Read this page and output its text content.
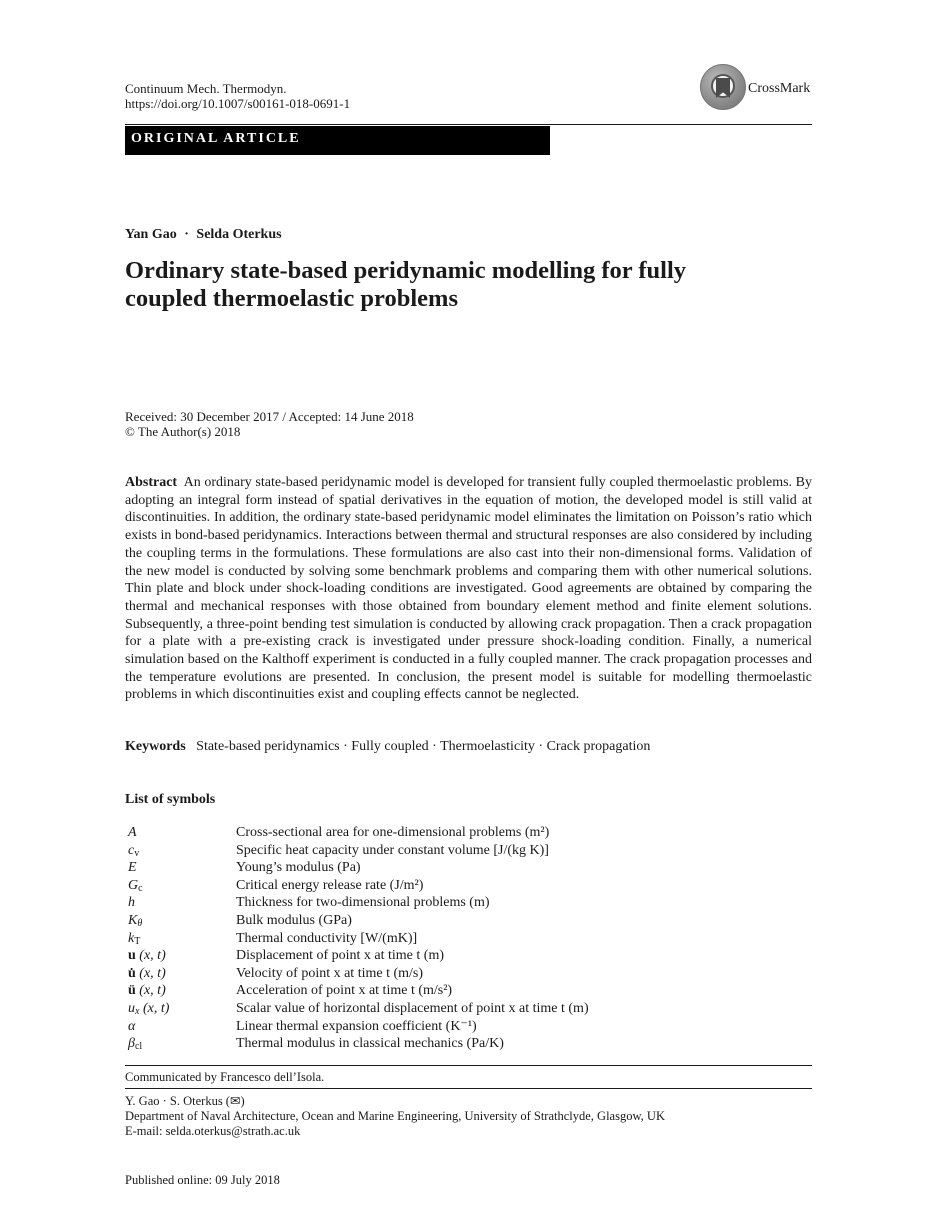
Continuum Mech. Thermodyn.
https://doi.org/10.1007/s00161-018-0691-1
CrossMark
ORIGINAL ARTICLE
Yan Gao · Selda Oterkus
Ordinary state-based peridynamic modelling for fully
coupled thermoelastic problems
Received: 30 December 2017 / Accepted: 14 June 2018
© The Author(s) 2018

Abstract An ordinary state-based peridynamic model is developed for transient fully coupled thermoelastic problems. By adopting an integral form instead of spatial derivatives in the equation of motion, the developed model is still valid at discontinuities. In addition, the ordinary state-based peridynamic model eliminates the limitation on Poisson’s ratio which exists in bond-based peridynamics. Interactions between thermal and structural responses are also considered by including the coupling terms in the formulations. These formulations are also cast into their non-dimensional forms. Validation of the new model is conducted by solving some benchmark problems and comparing them with other numerical solutions. Thin plate and block under shock-loading conditions are investigated. Good agreements are obtained by comparing the thermal and mechanical responses with those obtained from boundary element method and finite element solutions. Subsequently, a three-point bending test simulation is conducted by allowing crack propagation. Then a crack propagation for a plate with a pre-existing crack is investigated under pressure shock-loading condition. Finally, a numerical simulation based on the Kalthoff experiment is conducted in a fully coupled manner. The crack propagation processes and the temperature evolutions are presented. In conclusion, the present model is suitable for modelling thermoelastic problems in which discontinuities exist and coupling effects cannot be neglected.

Keywords State-based peridynamics · Fully coupled · Thermoelasticity · Crack propagation
List of symbols
A	Cross-sectional area for one-dimensional problems (m²)
$c_v$	Specific heat capacity under constant volume [J/(kg K)]
E	Young’s modulus (Pa)
$G_c$	Critical energy release rate (J/m²)
h	Thickness for two-dimensional problems (m)
$K_\theta$	Bulk modulus (GPa)
$k_T$	Thermal conductivity [W/(mK)]
u (x, t)	Displacement of point x at time t (m)
u̇ (x, t)	Velocity of point x at time t (m/s)
ü (x, t)	Acceleration of point x at time t (m/s²)
$u_x$ (x, t)	Scalar value of horizontal displacement of point x at time t (m)
α	Linear thermal expansion coefficient (K⁻¹)
$\beta_{cl}$	Thermal modulus in classical mechanics (Pa/K)
Communicated by Francesco dell’Isola.
Y. Gao · S. Oterkus (✉)
Department of Naval Architecture, Ocean and Marine Engineering, University of Strathclyde, Glasgow, UK
E-mail: selda.oterkus@strath.ac.uk
Published online: 09 July 2018
